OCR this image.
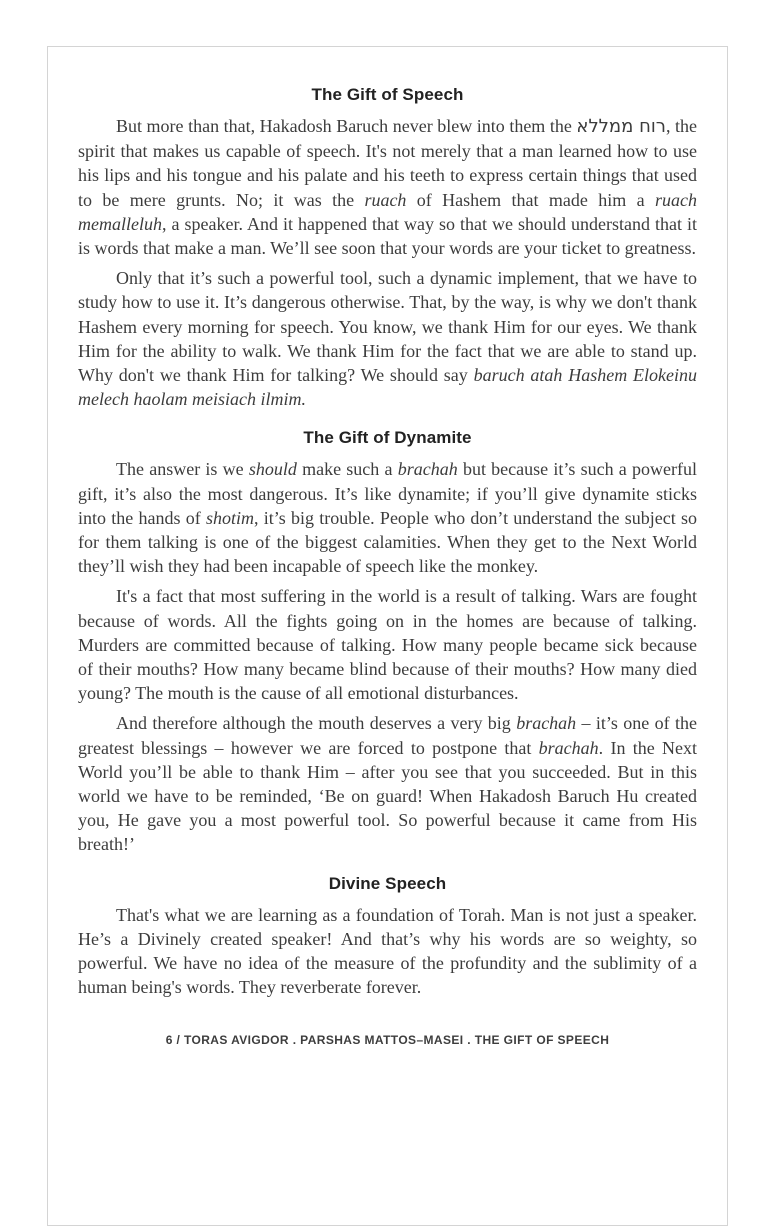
The Gift of Speech

But more than that, Hakadosh Baruch never blew into them the רוח ממללא, the spirit that makes us capable of speech. It's not merely that a man learned how to use his lips and his tongue and his palate and his teeth to express certain things that used to be mere grunts. No; it was the ruach of Hashem that made him a ruach memalleluh, a speaker. And it happened that way so that we should understand that it is words that make a man. We’ll see soon that your words are your ticket to greatness.

Only that it’s such a powerful tool, such a dynamic implement, that we have to study how to use it. It’s dangerous otherwise. That, by the way, is why we don't thank Hashem every morning for speech. You know, we thank Him for our eyes. We thank Him for the ability to walk. We thank Him for the fact that we are able to stand up. Why don't we thank Him for talking? We should say baruch atah Hashem Elokeinu melech haolam meisiach ilmim.

The Gift of Dynamite

The answer is we should make such a brachah but because it’s such a powerful gift, it’s also the most dangerous. It’s like dynamite; if you’ll give dynamite sticks into the hands of shotim, it’s big trouble. People who don’t understand the subject so for them talking is one of the biggest calamities. When they get to the Next World they’ll wish they had been incapable of speech like the monkey.

It's a fact that most suffering in the world is a result of talking. Wars are fought because of words. All the fights going on in the homes are because of talking. Murders are committed because of talking. How many people became sick because of their mouths? How many became blind because of their mouths? How many died young? The mouth is the cause of all emotional disturbances.

And therefore although the mouth deserves a very big brachah – it’s one of the greatest blessings – however we are forced to postpone that brachah. In the Next World you’ll be able to thank Him – after you see that you succeeded. But in this world we have to be reminded, ‘Be on guard! When Hakadosh Baruch Hu created you, He gave you a most powerful tool. So powerful because it came from His breath!’

Divine Speech

That's what we are learning as a foundation of Torah. Man is not just a speaker. He’s a Divinely created speaker! And that’s why his words are so weighty, so powerful. We have no idea of the measure of the profundity and the sublimity of a human being's words. They reverberate forever.

6 / TORAS AVIGDOR . PARSHAS MATTOS–MASEI . THE GIFT OF SPEECH
